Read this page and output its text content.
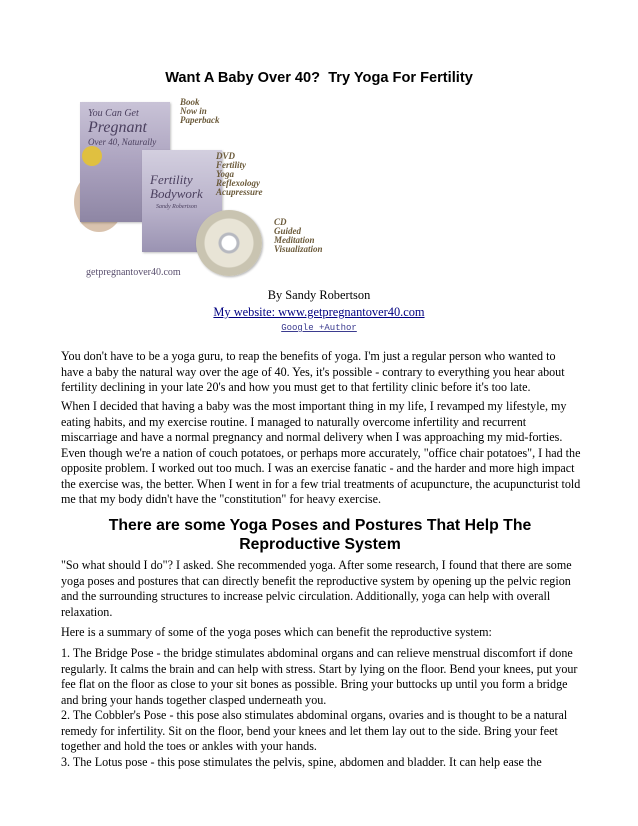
Want A Baby Over 40?  Try Yoga For Fertility
You Can Get
Pregnant
Over 40, Naturally
Fertility
Bodywork
Sandy Robertson
Book
Now in
Paperback
DVD
Fertility
Yoga
Reflexology
Acupressure
CD
Guided
Meditation
Visualization
getpregnantover40.com
By Sandy Robertson
My website: www.getpregnantover40.com
Google +Author

You don't have to be a yoga guru, to reap the benefits of yoga. I'm just a regular person who wanted to have a baby the natural way over the age of 40. Yes, it's possible - contrary to everything you hear about fertility declining in your late 20's and how you must get to that fertility clinic before it's too late.

When I decided that having a baby was the most important thing in my life, I revamped my lifestyle, my eating habits, and my exercise routine. I managed to naturally overcome infertility and recurrent miscarriage and have a normal pregnancy and normal delivery when I was approaching my mid-forties. Even though we're a nation of couch potatoes, or perhaps more accurately, "office chair potatoes", I had the opposite problem. I worked out too much. I was an exercise fanatic - and the harder and more high impact the exercise was, the better. When I went in for a few trial treatments of acupuncture, the acupuncturist told me that my body didn't have the "constitution" for heavy exercise.

There are some Yoga Poses and Postures That Help The Reproductive System

"So what should I do"? I asked. She recommended yoga. After some research, I found that there are some yoga poses and postures that can directly benefit the reproductive system by opening up the pelvic region and the surrounding structures to increase pelvic circulation. Additionally, yoga can help with overall relaxation.

Here is a summary of some of the yoga poses which can benefit the reproductive system:

1. The Bridge Pose - the bridge stimulates abdominal organs and can relieve menstrual discomfort if done regularly. It calms the brain and can help with stress. Start by lying on the floor. Bend your knees, put your fee flat on the floor as close to your sit bones as possible. Bring your buttocks up until you form a bridge and bring your hands together clasped underneath you.

2. The Cobbler's Pose - this pose also stimulates abdominal organs, ovaries and is thought to be a natural remedy for infertility. Sit on the floor, bend your knees and let them lay out to the side. Bring your feet together and hold the toes or ankles with your hands.

3. The Lotus pose - this pose stimulates the pelvis, spine, abdomen and bladder. It can help ease the
